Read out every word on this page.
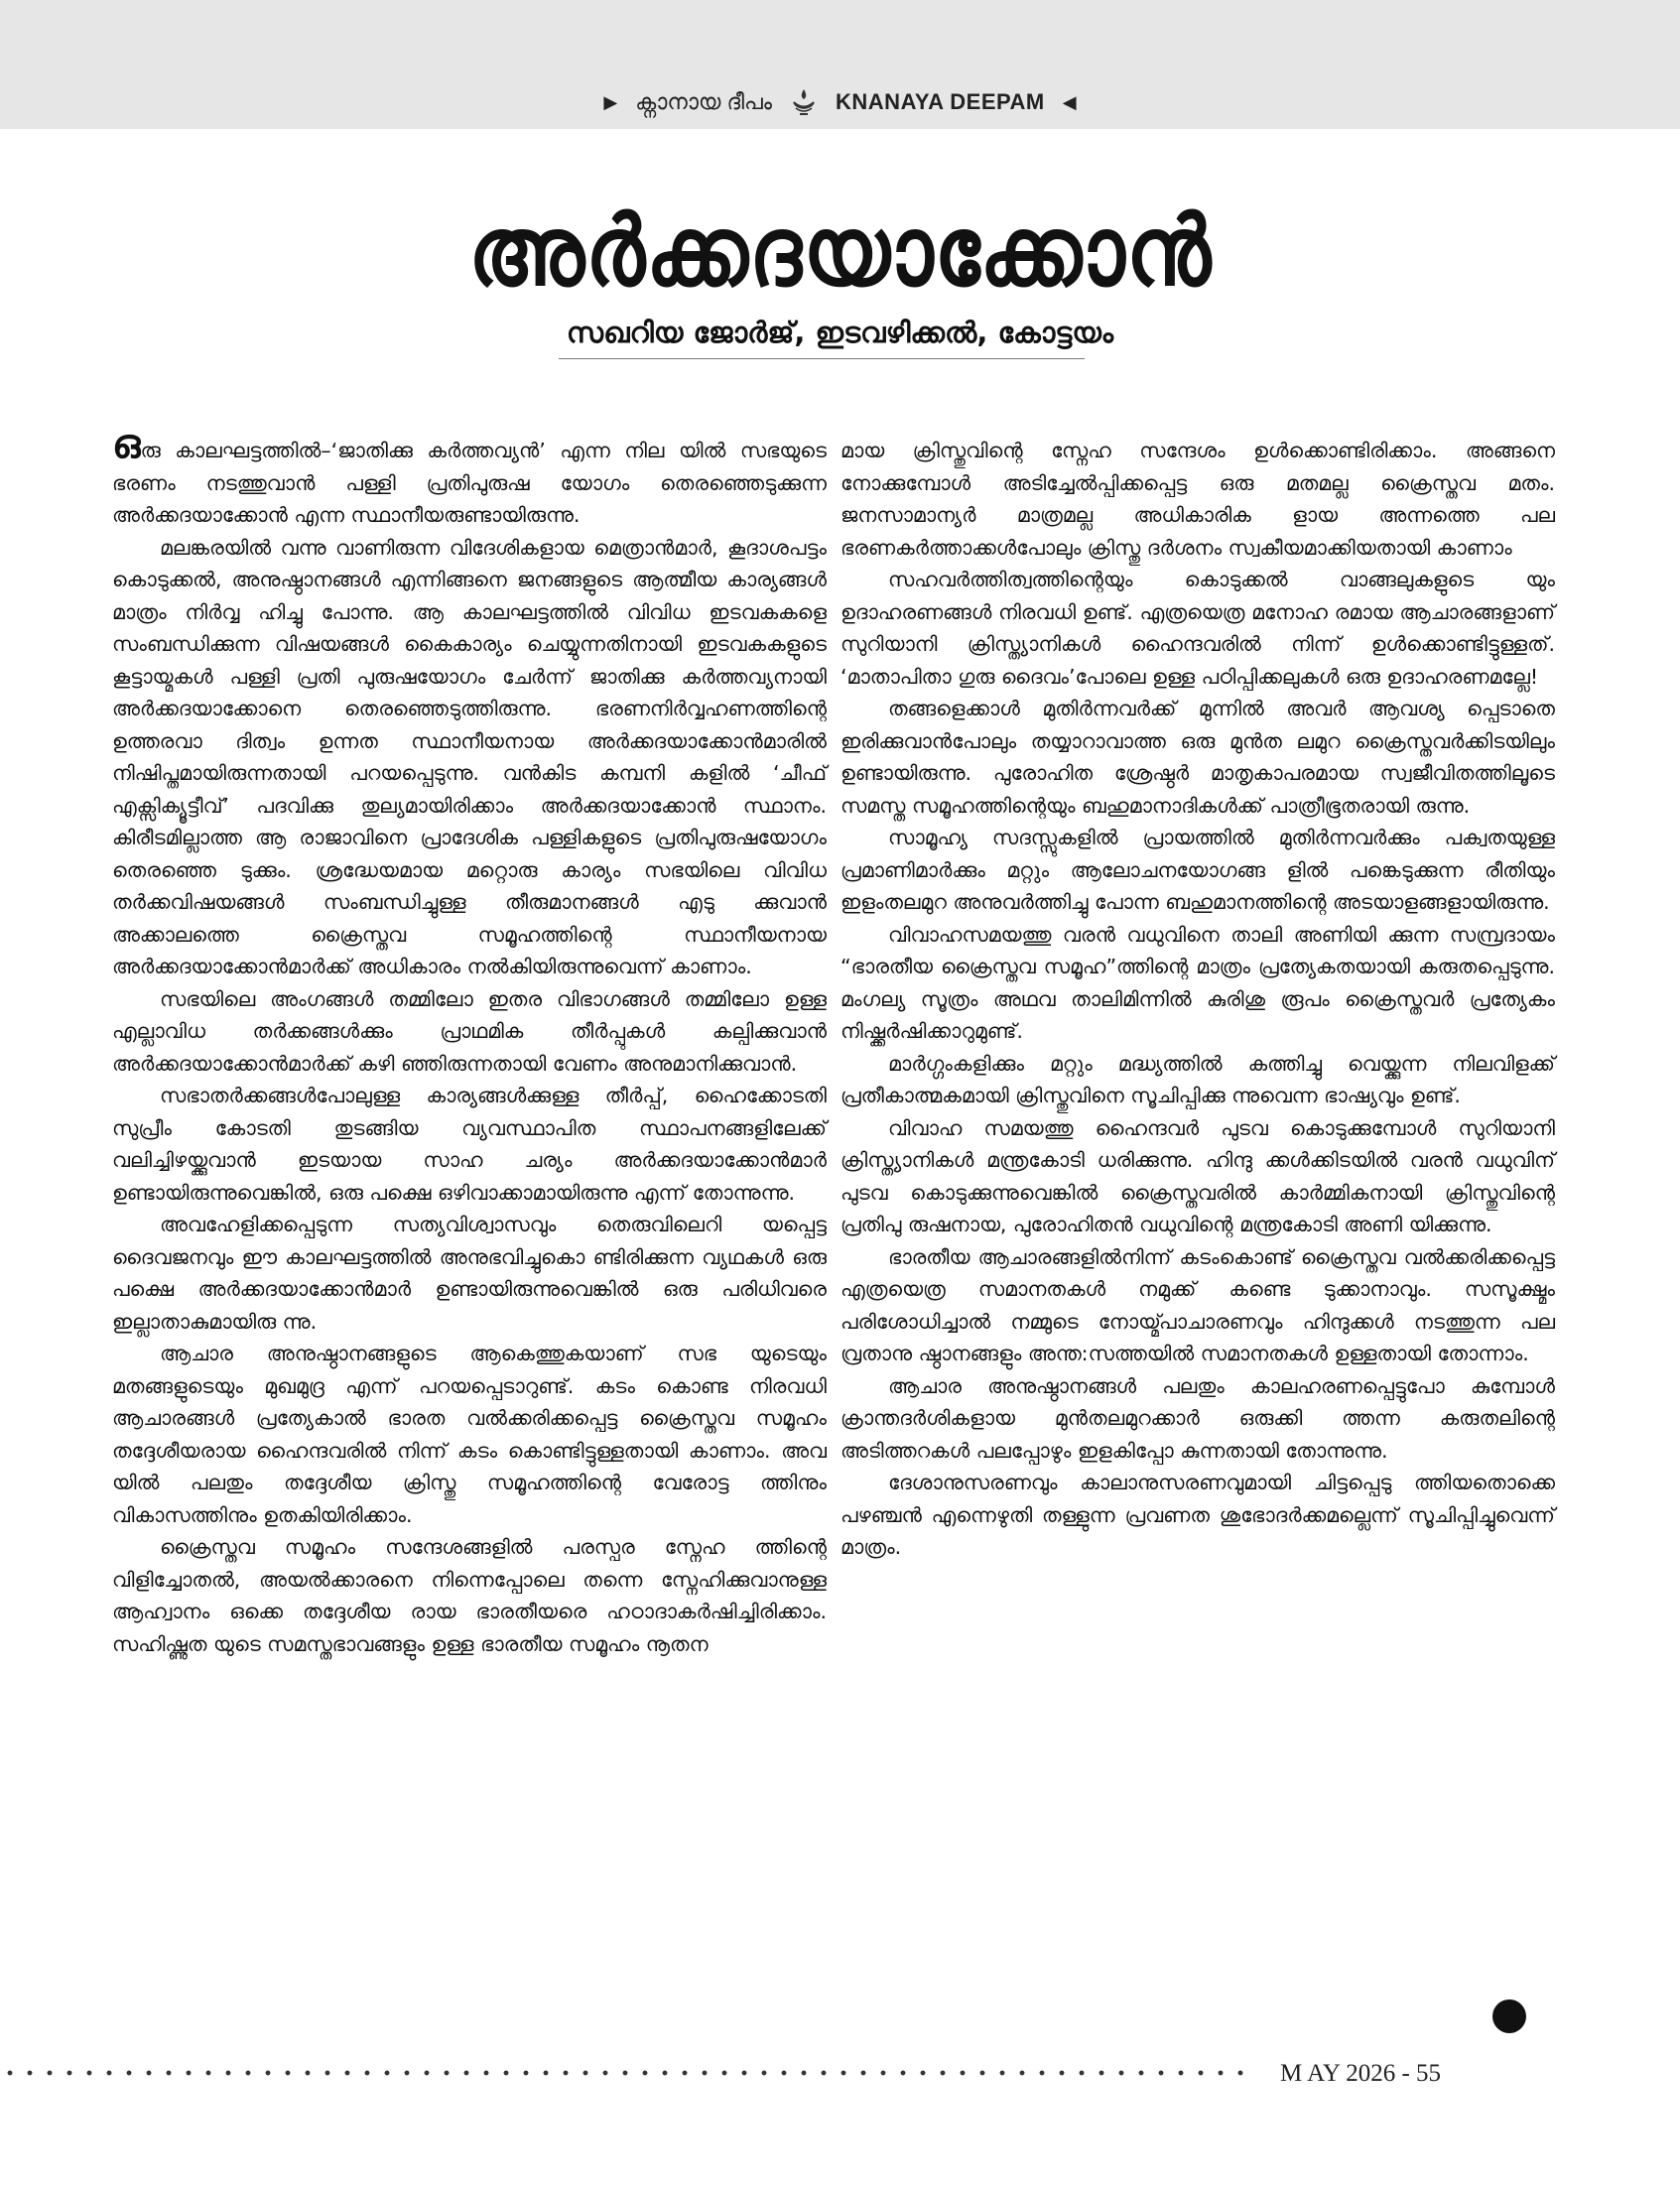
▶ ക്നാനായ ദീപം	KNANAYA DEEPAM ◀
അർക്കദയാക്കോൻ
സഖറിയ ജോർജ്, ഇടവഴിക്കൽ, കോട്ടയം

ഒരു കാലഘട്ടത്തിൽ–‘ജാതിക്കു കർത്തവ്യൻ’ എന്ന നില യിൽ സഭയുടെ ഭരണം നടത്തുവാൻ പള്ളി പ്രതിപുരുഷ യോഗം തെരഞ്ഞെടുക്കുന്ന അർക്കദയാക്കോൻ എന്ന സ്ഥാനീയരുണ്ടായിരുന്നു.

മലങ്കരയിൽ വന്നു വാണിരുന്ന വിദേശികളായ മെത്രാൻമാർ, കൂദാശപട്ടം കൊടുക്കൽ, അനുഷ്ഠാനങ്ങൾ എന്നിങ്ങനെ ജനങ്ങളുടെ ആത്മീയ കാര്യങ്ങൾ മാത്രം നിർവ്വ ഹിച്ചു പോന്നു. ആ കാലഘട്ടത്തിൽ വിവിധ ഇടവകകളെ സംബന്ധിക്കുന്ന വിഷയങ്ങൾ കൈകാര്യം ചെയ്യുന്നതിനായി ഇടവകകളുടെ കൂട്ടായ്മകൾ പള്ളി പ്രതി പുരുഷയോഗം ചേർന്ന് ജാതിക്കു കർത്തവ്യനായി അർക്കദയാക്കോനെ തെരഞ്ഞെടുത്തിരുന്നു. ഭരണനിർവ്വഹണത്തിന്റെ ഉത്തരവാ ദിത്വം ഉന്നത സ്ഥാനീയനായ അർക്കദയാക്കോൻമാരിൽ നിഷിപ്തമായിരുന്നതായി പറയപ്പെടുന്നു. വൻകിട കമ്പനി കളിൽ ‘ചീഫ് എക്സിക്യൂട്ടീവ്’ പദവിക്കു തുല്യമായിരിക്കാം അർക്കദയാക്കോൻ സ്ഥാനം. കിരീടമില്ലാത്ത ആ രാജാവിനെ പ്രാദേശിക പള്ളികളുടെ പ്രതിപുരുഷയോഗം തെരഞ്ഞെ ടുക്കും. ശ്രദ്ധേയമായ മറ്റൊരു കാര്യം സഭയിലെ വിവിധ തർക്കവിഷയങ്ങൾ സംബന്ധിച്ചുള്ള തീരുമാനങ്ങൾ എടു ക്കുവാൻ അക്കാലത്തെ ക്രൈസ്തവ സമൂഹത്തിന്റെ സ്ഥാനീയനായ അർക്കദയാക്കോൻമാർക്ക് അധികാരം നൽകിയിരുന്നുവെന്ന് കാണാം.

സഭയിലെ അംഗങ്ങൾ തമ്മിലോ ഇതര വിഭാഗങ്ങൾ തമ്മിലോ ഉള്ള എല്ലാവിധ തർക്കങ്ങൾക്കും പ്രാഥമിക തീർപ്പുകൾ കല്പിക്കുവാൻ അർക്കദയാക്കോൻമാർക്ക് കഴി ഞ്ഞിരുന്നതായി വേണം അനുമാനിക്കുവാൻ.

സഭാതർക്കങ്ങൾപോലുള്ള കാര്യങ്ങൾക്കുള്ള തീർപ്പ്, ഹൈക്കോടതി സുപ്രീം കോടതി തുടങ്ങിയ വ്യവസ്ഥാപിത സ്ഥാപനങ്ങളിലേക്ക് വലിച്ചിഴയ്ക്കുവാൻ ഇടയായ സാഹ ചര്യം അർക്കദയാക്കോൻമാർ ഉണ്ടായിരുന്നുവെങ്കിൽ, ഒരു പക്ഷെ ഒഴിവാക്കാമായിരുന്നു എന്ന് തോന്നുന്നു.

അവഹേളിക്കപ്പെടുന്ന സത്യവിശ്വാസവും തെരുവിലെറി യപ്പെട്ട ദൈവജനവും ഈ കാലഘട്ടത്തിൽ അനുഭവിച്ചുകൊ ണ്ടിരിക്കുന്ന വ്യഥകൾ ഒരു പക്ഷെ അർക്കദയാക്കോൻമാർ ഉണ്ടായിരുന്നുവെങ്കിൽ ഒരു പരിധിവരെ ഇല്ലാതാകുമായിരു ന്നു.

ആചാര അനുഷ്ഠാനങ്ങളുടെ ആകെത്തുകയാണ് സഭ യുടെയും മതങ്ങളുടെയും മുഖമുദ്ര എന്ന് പറയപ്പെടാറുണ്ട്. കടം കൊണ്ട നിരവധി ആചാരങ്ങൾ പ്രത്യേകാൽ ഭാരത വൽക്കരിക്കപ്പെട്ട ക്രൈസ്തവ സമൂഹം തദ്ദേശീയരായ ഹൈന്ദവരിൽ നിന്ന് കടം കൊണ്ടിട്ടുള്ളതായി കാണാം. അവ യിൽ പലതും തദ്ദേശീയ ക്രിസ്തു സമൂഹത്തിന്റെ വേരോട്ട ത്തിനും വികാസത്തിനും ഉതകിയിരിക്കാം.

ക്രൈസ്തവ സമൂഹം സന്ദേശങ്ങളിൽ പരസ്പര സ്നേഹ ത്തിന്റെ വിളിച്ചോതൽ, അയൽക്കാരനെ നിന്നെപ്പോലെ തന്നെ സ്നേഹിക്കുവാനുള്ള ആഹ്വാനം ഒക്കെ തദ്ദേശീയ രായ ഭാരതീയരെ ഹഠാദാകർഷിച്ചിരിക്കാം. സഹിഷ്ണുത യുടെ സമസ്തഭാവങ്ങളും ഉള്ള ഭാരതീയ സമൂഹം നൂതന

മായ ക്രിസ്തുവിന്റെ സ്നേഹ സന്ദേശം ഉൾക്കൊണ്ടിരിക്കാം. അങ്ങനെ നോക്കുമ്പോൾ അടിച്ചേൽപ്പിക്കപ്പെട്ട ഒരു മതമല്ല ക്രൈസ്തവ മതം. ജനസാമാന്യർ മാത്രമല്ല അധികാരിക ളായ അന്നത്തെ പല ഭരണകർത്താക്കൾപോലും ക്രിസ്തു ദർശനം സ്വകീയമാക്കിയതായി കാണാം

സഹവർത്തിത്വത്തിന്റെയും കൊടുക്കൽ വാങ്ങലുകളുടെ യും ഉദാഹരണങ്ങൾ നിരവധി ഉണ്ട്. എത്രയെത്ര മനോഹ രമായ ആചാരങ്ങളാണ് സുറിയാനി ക്രിസ്ത്യാനികൾ ഹൈന്ദവരിൽ നിന്ന് ഉൾക്കൊണ്ടിട്ടുള്ളത്. ‘മാതാപിതാ ഗുരു ദൈവം’പോലെ ഉള്ള പഠിപ്പിക്കലുകൾ ഒരു ഉദാഹരണമല്ലേ!

തങ്ങളെക്കാൾ മുതിർന്നവർക്ക് മുന്നിൽ അവർ ആവശ്യ പ്പെടാതെ ഇരിക്കുവാൻപോലും തയ്യാറാവാത്ത ഒരു മുൻത ലമുറ ക്രൈസ്തവർക്കിടയിലും ഉണ്ടായിരുന്നു. പുരോഹിത ശ്രേഷ്ഠർ മാതൃകാപരമായ സ്വജീവിതത്തിലൂടെ സമസ്ത സമൂഹത്തിന്റെയും ബഹുമാനാദികൾക്ക് പാത്രീഭൂതരായി രുന്നു.

സാമൂഹ്യ സദസ്സുകളിൽ പ്രായത്തിൽ മുതിർന്നവർക്കും പക്വതയുള്ള പ്രമാണിമാർക്കും മറ്റും ആലോചനയോഗങ്ങ ളിൽ പങ്കെടുക്കുന്ന രീതിയും ഇളംതലമുറ അനുവർത്തിച്ചു പോന്ന ബഹുമാനത്തിന്റെ അടയാളങ്ങളായിരുന്നു.

വിവാഹസമയത്തു വരൻ വധുവിനെ താലി അണിയി ക്കുന്ന സമ്പ്രദായം “ഭാരതീയ ക്രൈസ്തവ സമൂഹ”ത്തിന്റെ മാത്രം പ്രത്യേകതയായി കരുതപ്പെടുന്നു. മംഗല്യ സൂത്രം അഥവ താലിമിന്നിൽ കുരിശു രൂപം ക്രൈസ്തവർ പ്രത്യേകം നിഷ്ക്കർഷിക്കാറുമുണ്ട്.

മാർഗ്ഗംകളിക്കും മറ്റും മദ്ധ്യത്തിൽ കത്തിച്ചു വെയ്ക്കുന്ന നിലവിളക്ക് പ്രതീകാത്മകമായി ക്രിസ്തുവിനെ സൂചിപ്പിക്കു ന്നുവെന്ന ഭാഷ്യവും ഉണ്ട്.

വിവാഹ സമയത്തു ഹൈന്ദവർ പുടവ കൊടുക്കുമ്പോൾ സുറിയാനി ക്രിസ്ത്യാനികൾ മന്ത്രകോടി ധരിക്കുന്നു. ഹിന്ദു ക്കൾക്കിടയിൽ വരൻ വധുവിന് പുടവ കൊടുക്കുന്നുവെങ്കിൽ ക്രൈസ്തവരിൽ കാർമ്മികനായി ക്രിസ്തുവിന്റെ പ്രതിപു രുഷനായ, പുരോഹിതൻ വധുവിന്റെ മന്ത്രകോടി അണി യിക്കുന്നു.

ഭാരതീയ ആചാരങ്ങളിൽനിന്ന് കടംകൊണ്ട് ക്രൈസ്തവ വൽക്കരിക്കപ്പെട്ട എത്രയെത്ര സമാനതകൾ നമുക്ക് കണ്ടെ ടുക്കാനാവും. സസൂക്ഷ്മം പരിശോധിച്ചാൽ നമ്മുടെ നോയ്മ്പാചാരണവും ഹിന്ദുക്കൾ നടത്തുന്ന പല വ്രതാനു ഷ്ഠാനങ്ങളും അന്ത:സത്തയിൽ സമാനതകൾ ഉള്ളതായി തോന്നാം.

ആചാര അനുഷ്ഠാനങ്ങൾ പലതും കാലഹരണപ്പെട്ടുപോ കുമ്പോൾ ക്രാന്തദർശികളായ മുൻതലമുറക്കാർ ഒരുക്കി ത്തന്ന കരുതലിന്റെ അടിത്തറകൾ പലപ്പോഴും ഇളകിപ്പോ കുന്നതായി തോന്നുന്നു.

ദേശാനുസരണവും കാലാനുസരണവുമായി ചിട്ടപ്പെടു ത്തിയതൊക്കെ പഴഞ്ചൻ എന്നെഴുതി തള്ളുന്ന പ്രവണത ശുഭോദർക്കമല്ലെന്ന് സൂചിപ്പിച്ചുവെന്ന് മാത്രം.

M AY 2026 - 55
